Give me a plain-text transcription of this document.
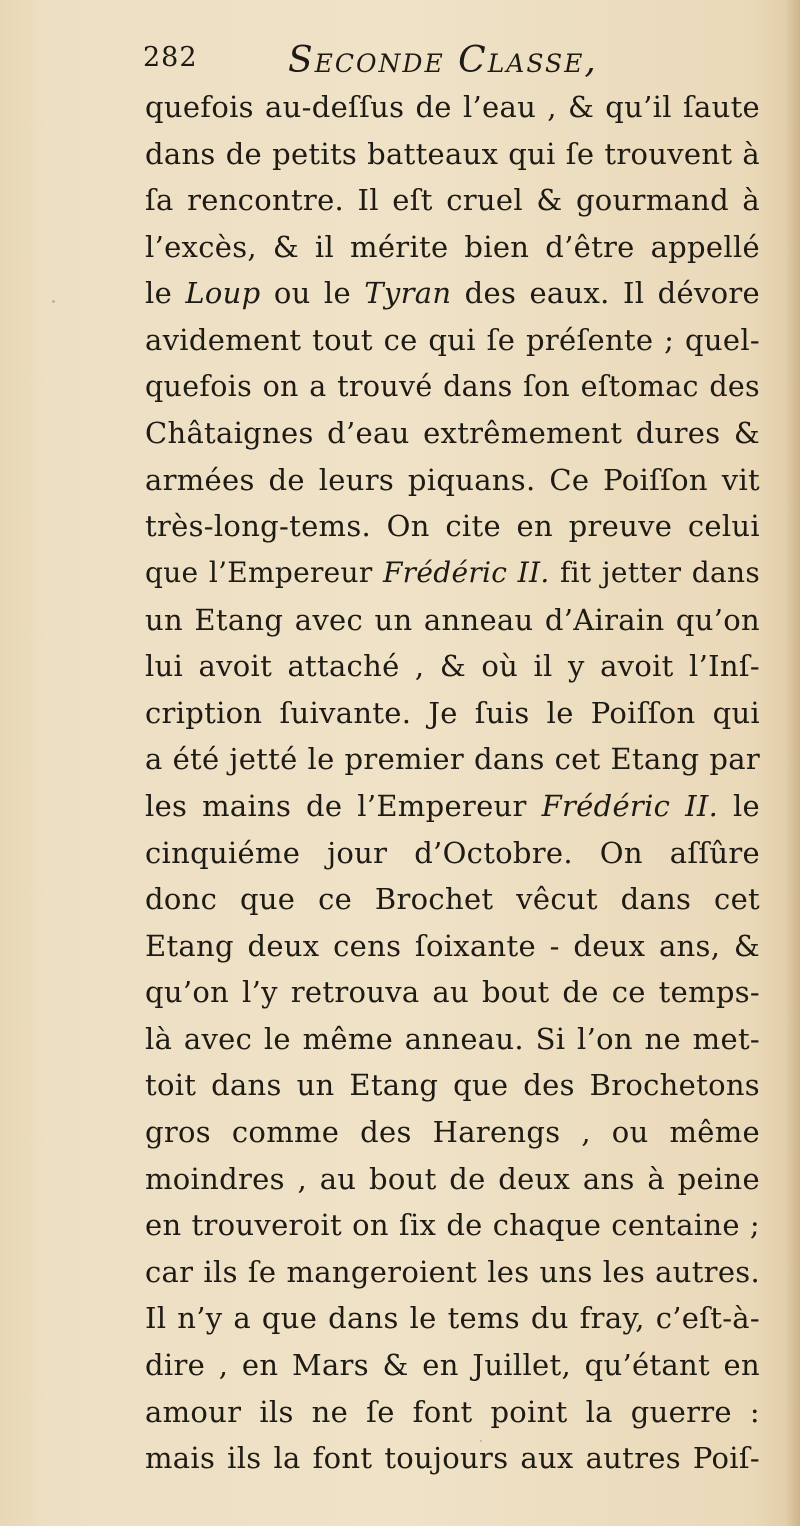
282	Seconde Classe,
quefois au-deſſus de l’eau , & qu’il ſaute
dans de petits batteaux qui ſe trouvent à
ſa rencontre. Il eſt cruel & gourmand à
l’excès, & il mérite bien d’être appellé
le Loup ou le Tyran des eaux. Il dévore
avidement tout ce qui ſe préſente ; quel-
quefois on a trouvé dans ſon eſtomac des
Châtaignes d’eau extrêmement dures &
armées de leurs piquans. Ce Poiſſon vit
très-long-tems. On cite en preuve celui
que l’Empereur Frédéric II. fit jetter dans
un Etang avec un anneau d’Airain qu’on
lui avoit attaché , & où il y avoit l’Inſ-
cription ſuivante. Je ſuis le Poiſſon qui
a été jetté le premier dans cet Etang par
les mains de l’Empereur Frédéric II. le
cinquiéme jour d’Octobre. On aſſûre
donc que ce Brochet vêcut dans cet
Etang deux cens ſoixante - deux ans, &
qu’on l’y retrouva au bout de ce temps-
là avec le même anneau. Si l’on ne met-
toit dans un Etang que des Brochetons
gros comme des Harengs , ou même
moindres , au bout de deux ans à peine
en trouveroit on ſix de chaque centaine ;
car ils ſe mangeroient les uns les autres.
Il n’y a que dans le tems du fray, c’eſt-à-
dire , en Mars & en Juillet, qu’étant en
amour ils ne ſe font point la guerre :
mais ils la font toujours aux autres Poiſ-
